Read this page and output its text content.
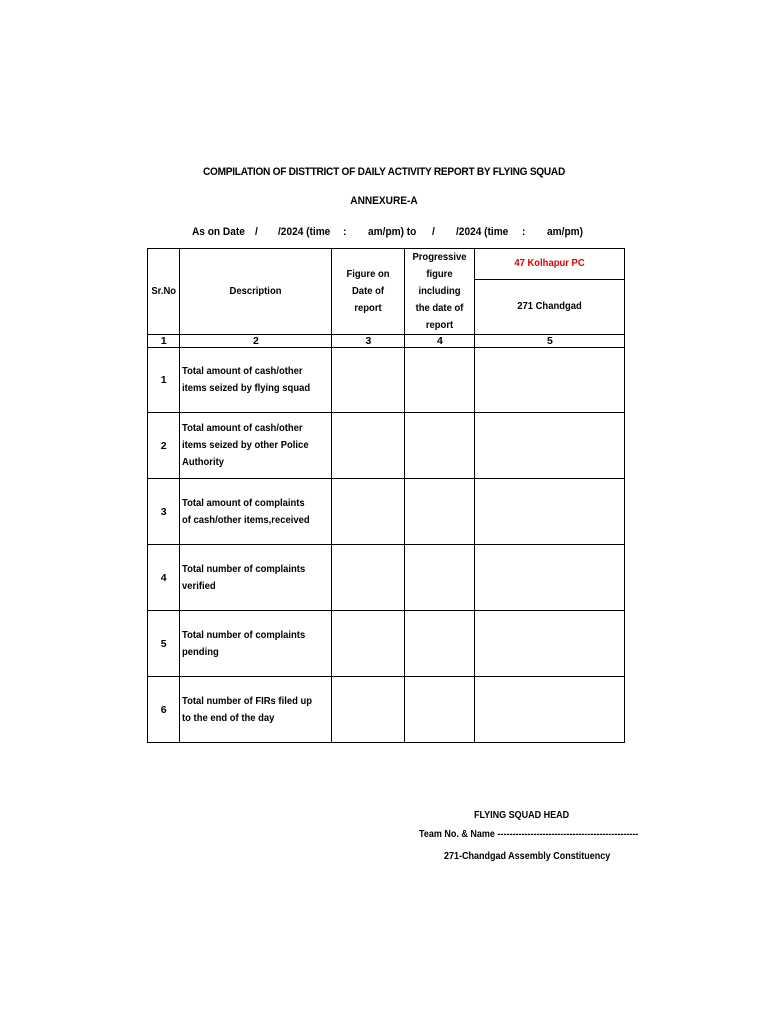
COMPILATION OF DISTTRICT OF DAILY ACTIVITY REPORT BY FLYING SQUAD
ANNEXURE-A
As on Date / /2024 (time : am/pm) to / /2024 (time : am/pm)
Sr.No	Description	Figure on Date of report	Progressive figure including the date of report	47 Kolhapur PC

				271 Chandgad

1	2	3	4	5
1	Total amount of cash/other items seized by flying squad			

2	Total amount of cash/other items seized by other Police Authority			

3	Total amount of complaints of cash/other items,received			

4	Total number of complaints verified			

5	Total number of complaints pending			

6	Total number of FIRs filed up to the end of the day			

FLYING SQUAD HEAD
Team No. & Name -----------------------------------------------
271-Chandgad Assembly Constituency
